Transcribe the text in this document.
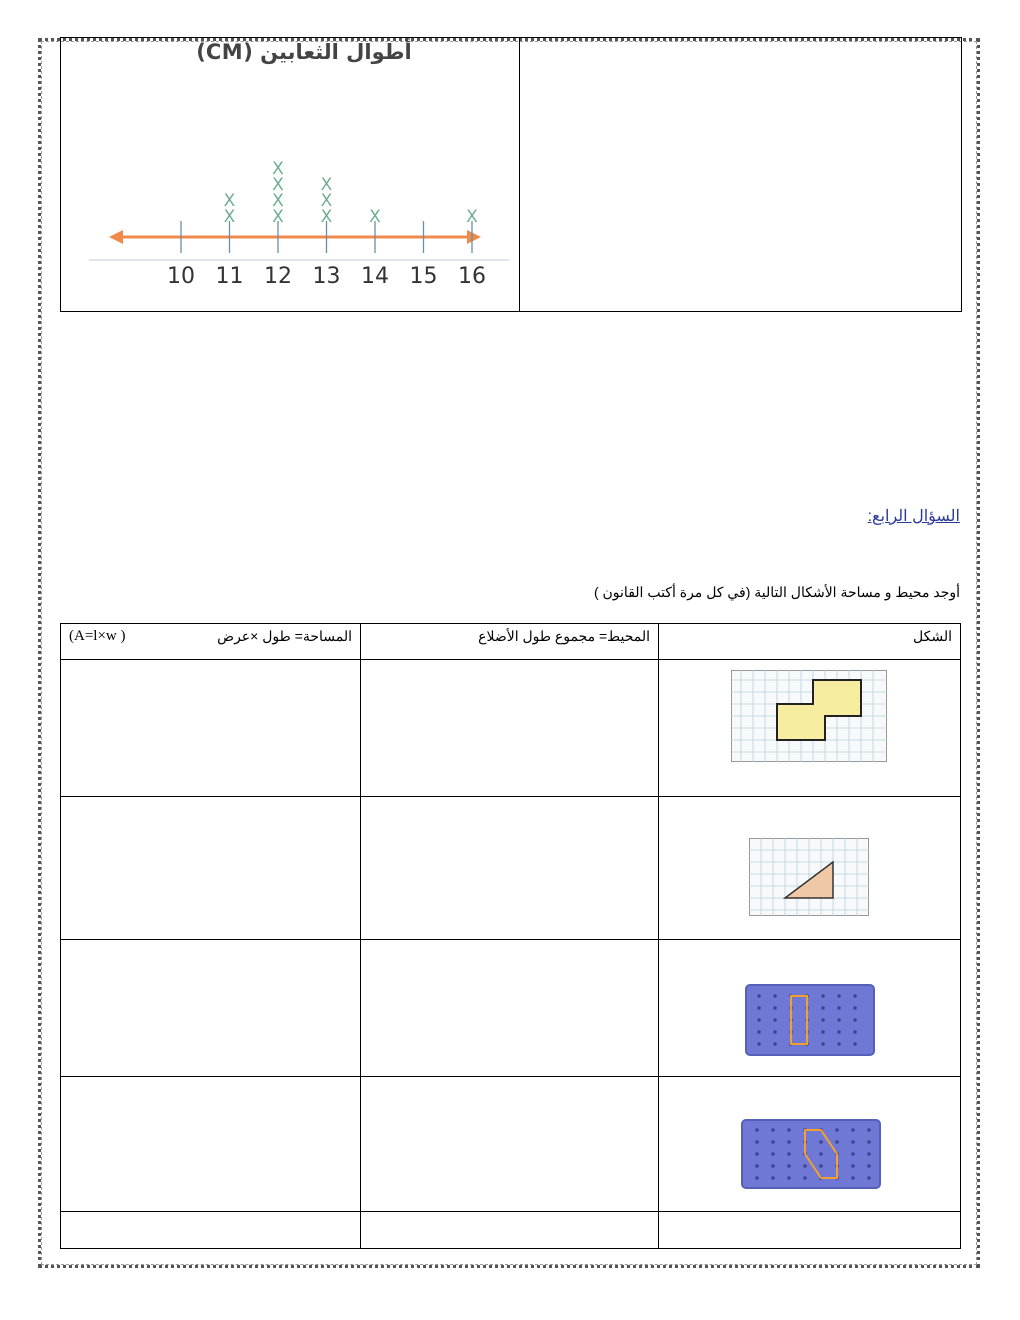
أطوال الثعابين (CM)
10 11
X
X
12
X
X
X
X
13
X
X
X
14
X
15 16
X
السؤال الرابع:
أوجد محيط و مساحة الأشكال التالية (في كل مرة أكتب القانون )
الشكل	المحيط= مجموع طول الأضلاع	المساحة= طول ×عرض
(A=l×w )
